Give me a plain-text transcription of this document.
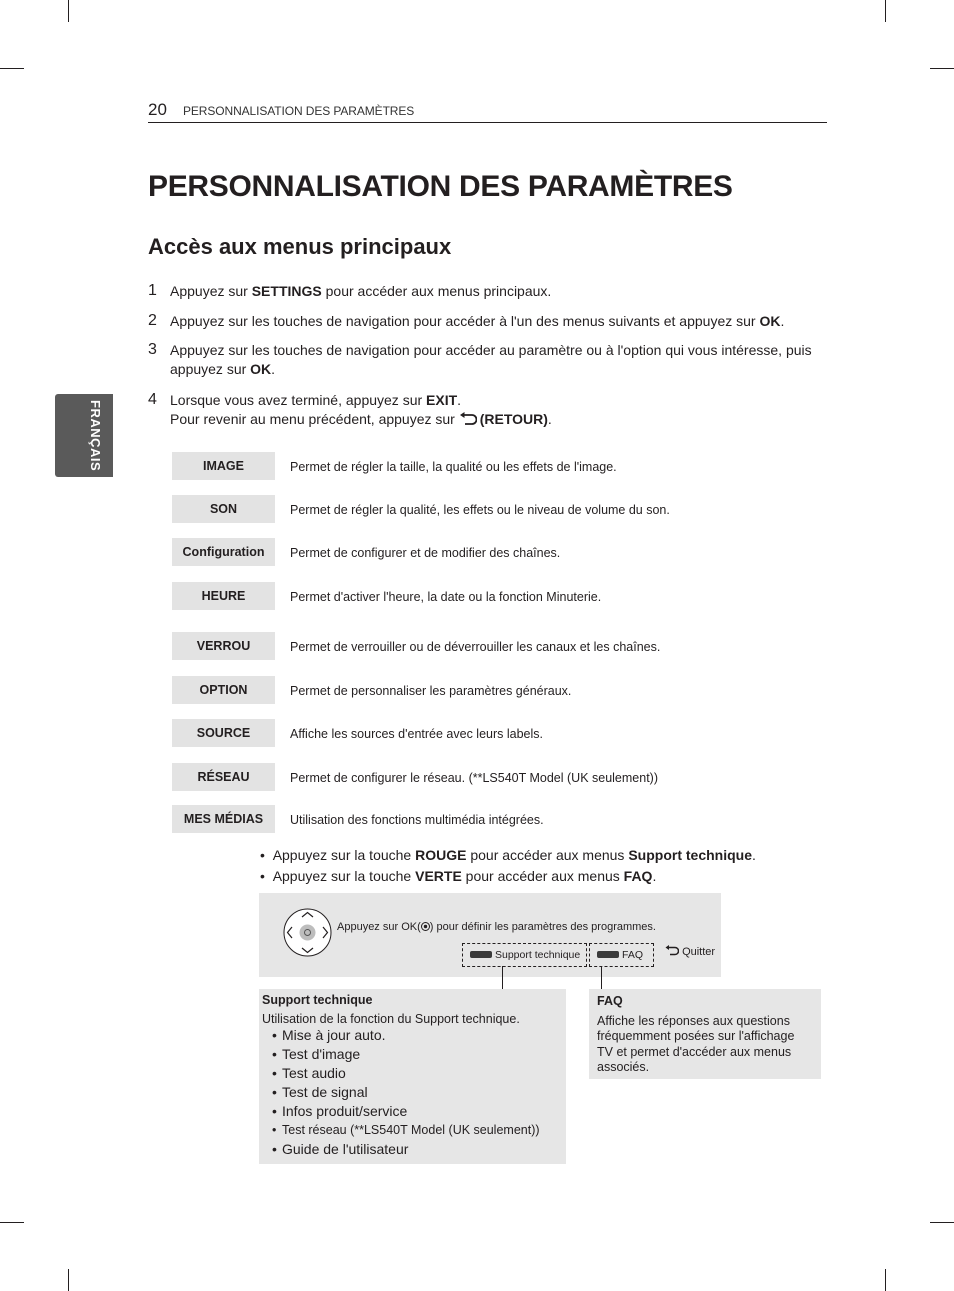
20 PERSONNALISATION DES PARAMÈTRES
FRANÇAIS
PERSONNALISATION DES PARAMÈTRES
Accès aux menus principaux
1 Appuyez sur SETTINGS pour accéder aux menus principaux.
2 Appuyez sur les touches de navigation pour accéder à l'un des menus suivants et appuyez sur OK.
3 Appuyez sur les touches de navigation pour accéder au paramètre ou à l'option qui vous intéresse, puis appuyez sur OK.
4 Lorsque vous avez terminé, appuyez sur EXIT.
Pour revenir au menu précédent, appuyez sur (RETOUR).
IMAGE	Permet de régler la taille, la qualité ou les effets de l'image.
SON	Permet de régler la qualité, les effets ou le niveau de volume du son.
Configuration	Permet de configurer et de modifier des chaînes.
HEURE	Permet d'activer l'heure, la date ou la fonction Minuterie.
VERROU	Permet de verrouiller ou de déverrouiller les canaux et les chaînes.
OPTION	Permet de personnaliser les paramètres généraux.
SOURCE	Affiche les sources d'entrée avec leurs labels.
RÉSEAU	Permet de configurer le réseau. (**LS540T Model (UK seulement))
MES MÉDIAS	Utilisation des fonctions multimédia intégrées.
•  Appuyez sur la touche ROUGE pour accéder aux menus Support technique.
•  Appuyez sur la touche VERTE pour accéder aux menus FAQ.
Appuyez sur OK( ) pour définir les paramètres des programmes.
Support technique	FAQ	Quitter
Support technique
Utilisation de la fonction du Support technique.
• Mise à jour auto.
• Test d'image
• Test audio
• Test de signal
• Infos produit/service
• Test réseau (**LS540T Model (UK seulement))
• Guide de l'utilisateur
FAQ
Affiche les réponses aux questions fréquemment posées sur l'affichage TV et permet d'accéder aux menus associés.
